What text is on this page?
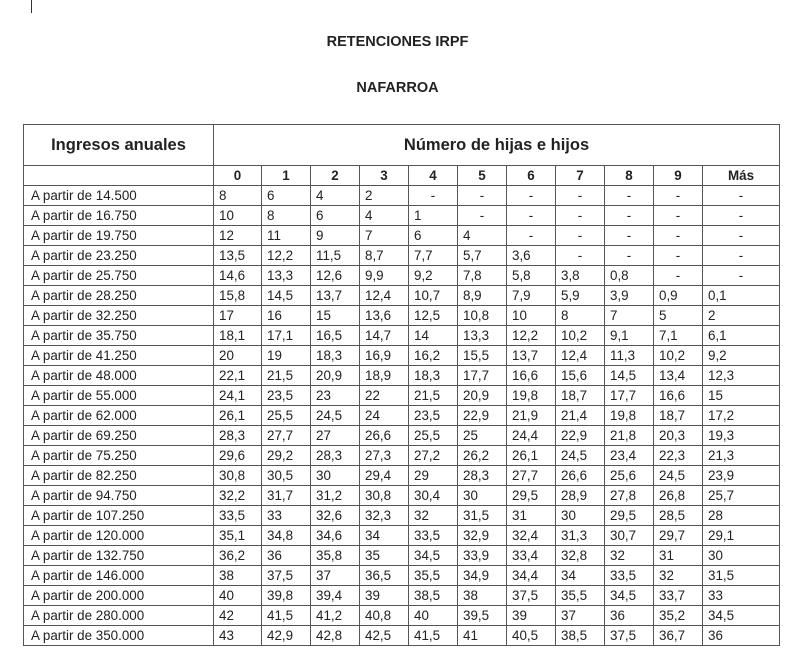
RETENCIONES IRPF
NAFARROA
Ingresos anuales	Número de hijas e hijos										
	0	1	2	3	4	5	6	7	8	9	Más
A partir de 14.500	8	6	4	2	-	-	-	-	-	-	-
A partir de 16.750	10	8	6	4	1	-	-	-	-	-	-
A partir de 19.750	12	11	9	7	6	4	-	-	-	-	-
A partir de 23.250	13,5	12,2	11,5	8,7	7,7	5,7	3,6	-	-	-	-
A partir de 25.750	14,6	13,3	12,6	9,9	9,2	7,8	5,8	3,8	0,8	-	-
A partir de 28.250	15,8	14,5	13,7	12,4	10,7	8,9	7,9	5,9	3,9	0,9	0,1
A partir de 32.250	17	16	15	13,6	12,5	10,8	10	8	7	5	2
A partir de 35.750	18,1	17,1	16,5	14,7	14	13,3	12,2	10,2	9,1	7,1	6,1
A partir de 41.250	20	19	18,3	16,9	16,2	15,5	13,7	12,4	11,3	10,2	9,2
A partir de 48.000	22,1	21,5	20,9	18,9	18,3	17,7	16,6	15,6	14,5	13,4	12,3
A partir de 55.000	24,1	23,5	23	22	21,5	20,9	19,8	18,7	17,7	16,6	15
A partir de 62.000	26,1	25,5	24,5	24	23,5	22,9	21,9	21,4	19,8	18,7	17,2
A partir de 69.250	28,3	27,7	27	26,6	25,5	25	24,4	22,9	21,8	20,3	19,3
A partir de 75.250	29,6	29,2	28,3	27,3	27,2	26,2	26,1	24,5	23,4	22,3	21,3
A partir de 82.250	30,8	30,5	30	29,4	29	28,3	27,7	26,6	25,6	24,5	23,9
A partir de 94.750	32,2	31,7	31,2	30,8	30,4	30	29,5	28,9	27,8	26,8	25,7
A partir de 107.250	33,5	33	32,6	32,3	32	31,5	31	30	29,5	28,5	28
A partir de 120.000	35,1	34,8	34,6	34	33,5	32,9	32,4	31,3	30,7	29,7	29,1
A partir de 132.750	36,2	36	35,8	35	34,5	33,9	33,4	32,8	32	31	30
A partir de 146.000	38	37,5	37	36,5	35,5	34,9	34,4	34	33,5	32	31,5
A partir de 200.000	40	39,8	39,4	39	38,5	38	37,5	35,5	34,5	33,7	33
A partir de 280.000	42	41,5	41,2	40,8	40	39,5	39	37	36	35,2	34,5
A partir de 350.000	43	42,9	42,8	42,5	41,5	41	40,5	38,5	37,5	36,7	36
